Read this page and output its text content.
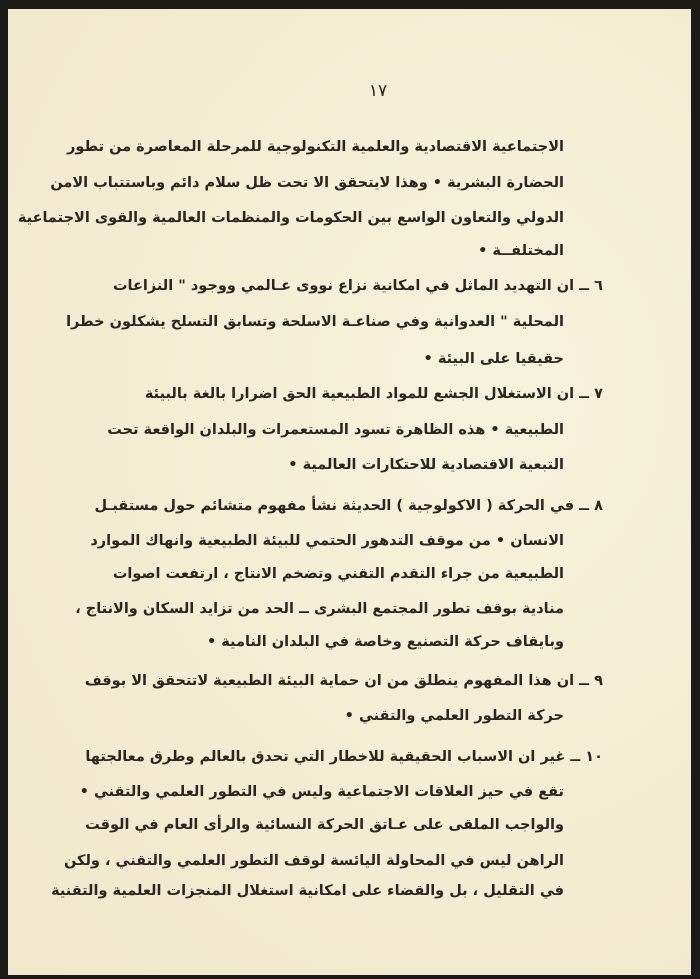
١٧
الاجتماعية الاقتصادية والعلمية التكنولوجية للمرحلة المعاصرة من تطور
الحضارة البشرية • وهذا لايتحقق الا تحت ظل سلام دائم وباستتباب الامن
الدولي والتعاون الواسع بين الحكومات والمنظمات العالمية والقوى الاجتماعية
المختلفــة •
٦ ــ ان التهديد الماثل في امكانية نزاع نووى عـالمي ووجود " النزاعات
المحلية " العدوانية وفي صناعـة الاسلحة وتسابق التسلح يشكلون خطرا
حقيقيا على البيئة •
٧ ــ ان الاستغلال الجشع للمواد الطبيعية الحق اضرارا بالغة بالبيئة
الطبيعية • هذه الظاهرة تسود المستعمرات والبلدان الواقعة تحت
التبعية الاقتصادية للاحتكارات العالمية •
٨ ــ في الحركة ( الاكولوجية ) الحديثة نشأ مفهوم متشائم حول مستقبـل
الانسان • من موقف التدهور الحتمي للبيئة الطبيعية وانهاك الموارد
الطبيعية من جراء التقدم التقني وتضخم الانتاج ، ارتفعت اصوات
منادية بوقف تطور المجتمع البشرى ــ الحد من تزايد السكان والانتاج ،
وبايقاف حركة التصنيع وخاصة في البلدان النامية •
٩ ــ ان هذا المفهوم ينطلق من ان حماية البيئة الطبيعية لاتتحقق الا بوقف
حركة التطور العلمي والتقني •
١٠ ــ غير ان الاسباب الحقيقية للاخطار التي تحدق بالعالم وطرق معالجتها
تقع في حيز العلاقات الاجتماعية وليس في التطور العلمي والتقني •
والواجب الملقى على عـاتق الحركة النسائية والرأى العام في الوقت
الراهن ليس في المحاولة اليائسة لوقف التطور العلمي والتقني ، ولكن
في التقليل ، بل والقضاء على امكانية استغلال المنجزات العلمية والتقنية
